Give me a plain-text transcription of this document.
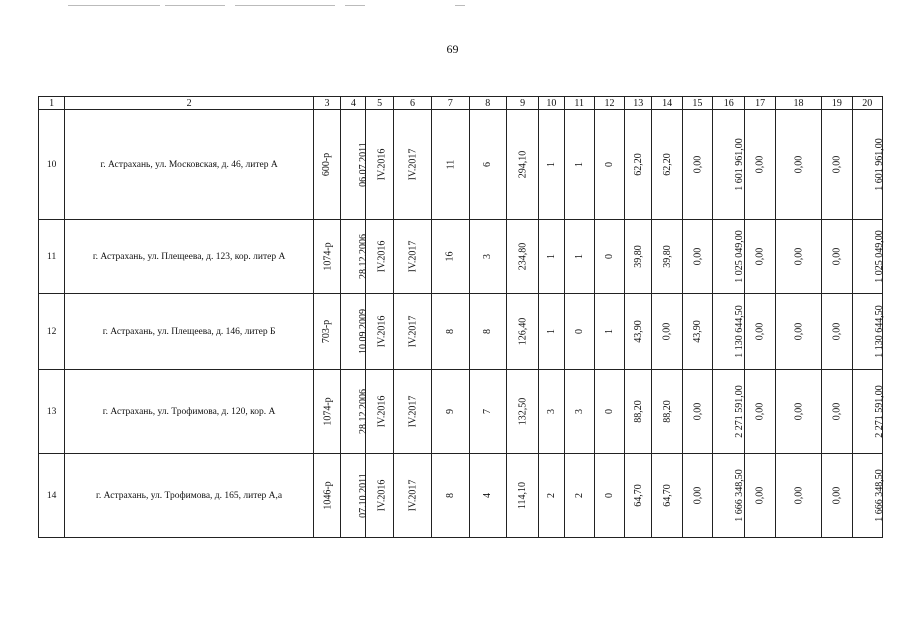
69
1	2	3	4	5	6	7	8	9	10	11	12	13	14	15	16	17	18	19	20
10	г. Астрахань, ул. Московская, д. 46, литер А	600-р	06.07.2011	IV.2016	IV.2017	11	6	294,10	1	1	0	62,20	62,20	0,00	1 601 961,00	0,00	0,00	0,00	1 601 961,00
11	г. Астрахань, ул. Плещеева, д. 123, кор. литер А	1074-р	28.12.2006	IV.2016	IV.2017	16	3	234,80	1	1	0	39,80	39,80	0,00	1 025 049,00	0,00	0,00	0,00	1 025 049,00
12	г. Астрахань, ул. Плещеева, д. 146, литер Б	703-р	10.09.2009	IV.2016	IV.2017	8	8	126,40	1	0	1	43,90	0,00	43,90	1 130 644,50	0,00	0,00	0,00	1 130 644,50
13	г. Астрахань, ул. Трофимова, д. 120, кор. А	1074-р	28.12.2006	IV.2016	IV.2017	9	7	132,50	3	3	0	88,20	88,20	0,00	2 271 591,00	0,00	0,00	0,00	2 271 591,00
14	г. Астрахань, ул. Трофимова, д. 165, литер А,а	1046-р	07.10.2011	IV.2016	IV.2017	8	4	114,10	2	2	0	64,70	64,70	0,00	1 666 348,50	0,00	0,00	0,00	1 666 348,50
